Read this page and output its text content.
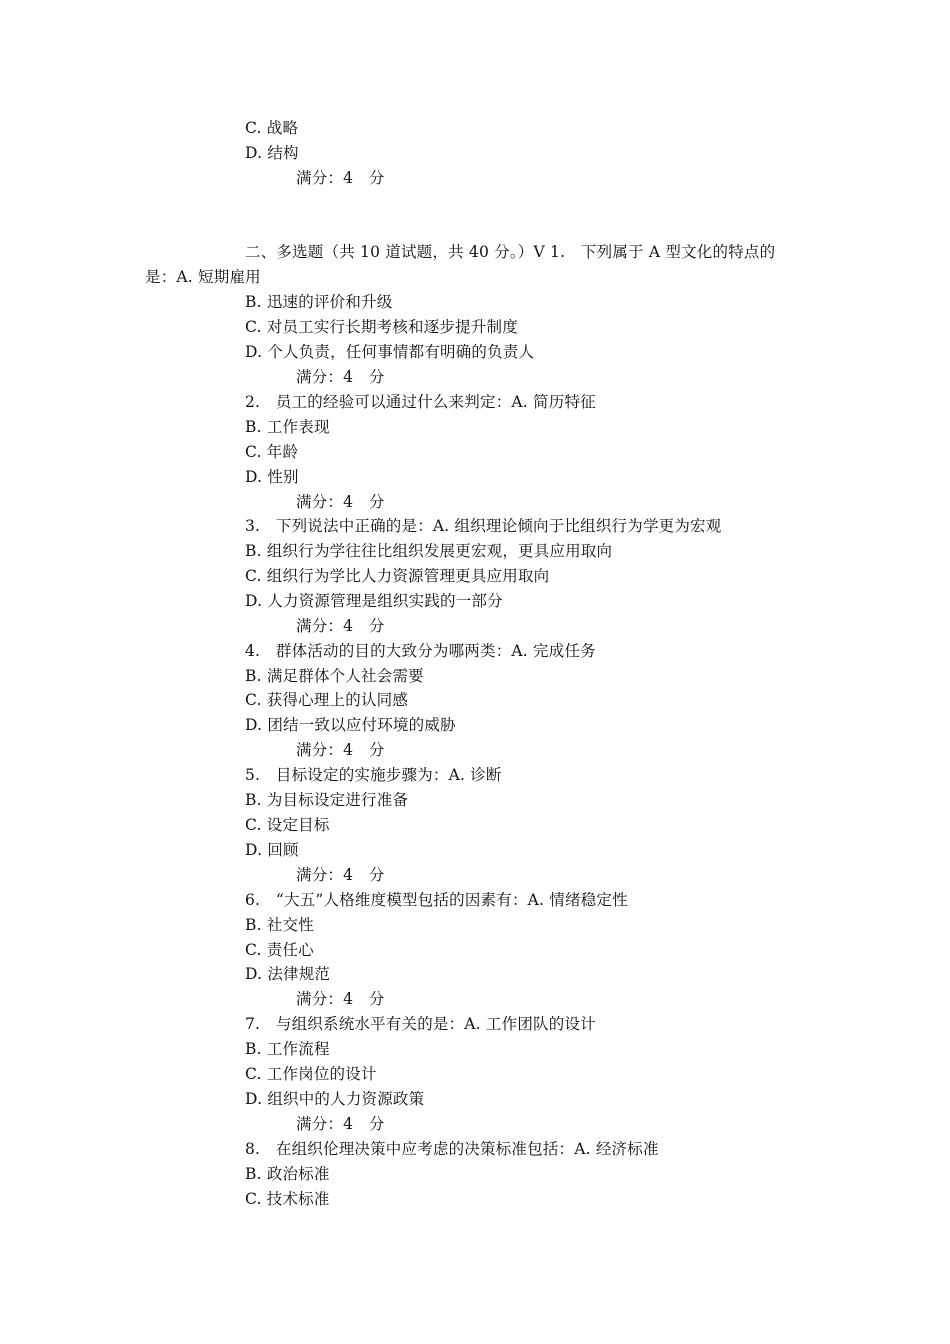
C. 战略
D. 结构
满分：4　分
二、多选题（共 10 道试题，共 40 分。）V 1.　下列属于 A 型文化的特点的
是：A. 短期雇用
B. 迅速的评价和升级
C. 对员工实行长期考核和逐步提升制度
D. 个人负责，任何事情都有明确的负责人
满分：4　分
2.　员工的经验可以通过什么来判定：A. 简历特征
B. 工作表现
C. 年龄
D. 性别
满分：4　分
3.　下列说法中正确的是：A. 组织理论倾向于比组织行为学更为宏观
B. 组织行为学往往比组织发展更宏观，更具应用取向
C. 组织行为学比人力资源管理更具应用取向
D. 人力资源管理是组织实践的一部分
满分：4　分
4.　群体活动的目的大致分为哪两类：A. 完成任务
B. 满足群体个人社会需要
C. 获得心理上的认同感
D. 团结一致以应付环境的威胁
满分：4　分
5.　目标设定的实施步骤为：A. 诊断
B. 为目标设定进行准备
C. 设定目标
D. 回顾
满分：4　分
6.　“大五”人格维度模型包括的因素有：A. 情绪稳定性
B. 社交性
C. 责任心
D. 法律规范
满分：4　分
7.　与组织系统水平有关的是：A. 工作团队的设计
B. 工作流程
C. 工作岗位的设计
D. 组织中的人力资源政策
满分：4　分
8.　在组织伦理决策中应考虑的决策标准包括：A. 经济标准
B. 政治标准
C. 技术标准
